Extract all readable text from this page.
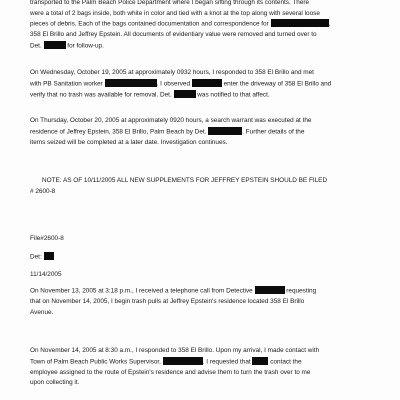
transported to the Palm Beach Police Department where I began sifting through its contents. There
were a total of 2 bags inside, both white in color and tied with a knot at the top along with several loose
pieces of debris. Each of the bags contained documentation and correspondence for	,
358 El Brillo and Jeffrey Epstein. All documents of evidentiary value were removed and turned over to
Det.	for follow-up.
On Wednesday, October 19, 2005 at approximately 0932 hours, I responded to 358 El Brillo and met
with PB Sanitation worker	. I observed	enter the driveway of 358 El Brillo and
verify that no trash was available for removal. Det.	was notified to that affect.
On Thursday, October 20, 2005 at approximately 0920 hours, a search warrant was executed at the
residence of Jeffrey Epstein, 358 El Brillo, Palm Beach by Det.	. Further details of the
items seized will be completed at a later date. Investigation continues.
NOTE: AS OF 10/11/2005 ALL NEW SUPPLEMENTS FOR JEFFREY EPSTEIN SHOULD BE FILED
# 2600-8
File#2600-8
Det:
11/14/2005
On November 13, 2005 at 3:18 p.m., I received a telephone call from Detective	requesting
that on November 14, 2005, I begin trash pulls at Jeffrey Epstein's residence located 358 El Brillo
Avenue.
On November 14, 2005 at 8:30 a.m., I responded to 358 El Brillo. Upon my arrival, I made contact with
Town of Palm Beach Public Works Supervisor,	. I requested that	contact the
employee assigned to the route of Epstein's residence and advise them to turn the trash over to me
upon collecting it.
